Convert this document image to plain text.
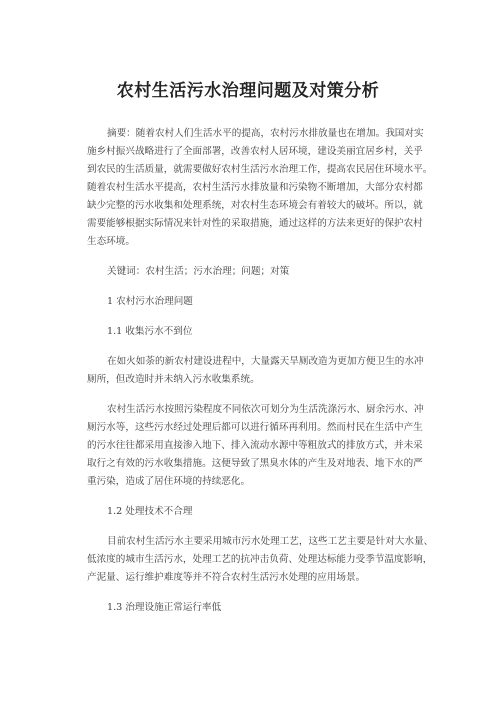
农村生活污水治理问题及对策分析
摘要：随着农村人们生活水平的提高，农村污水排放量也在增加。我国对实
施乡村振兴战略进行了全面部署，改善农村人居环境，建设美丽宜居乡村，关乎
到农民的生活质量，就需要做好农村生活污水治理工作，提高农民居住环境水平。
随着农村生活水平提高，农村生活污水排放量和污染物不断增加，大部分农村都
缺少完整的污水收集和处理系统，对农村生态环境会有着较大的破坏。所以，就
需要能够根据实际情况来针对性的采取措施，通过这样的方法来更好的保护农村
生态环境。
关键词：农村生活；污水治理；问题；对策
1 农村污水治理问题
1.1 收集污水不到位
在如火如荼的新农村建设进程中，大量露天旱厕改造为更加方便卫生的水冲
厕所，但改造时并未纳入污水收集系统。
农村生活污水按照污染程度不同依次可划分为生活洗涤污水、厨余污水、冲
厕污水等，这些污水经过处理后都可以进行循环再利用。然而村民在生活中产生
的污水往往都采用直接渗入地下、排入流动水源中等粗放式的排放方式，并未采
取行之有效的污水收集措施。这便导致了黑臭水体的产生及对地表、地下水的严
重污染，造成了居住环境的持续恶化。
1.2 处理技术不合理
目前农村生活污水主要采用城市污水处理工艺，这些工艺主要是针对大水量、
低浓度的城市生活污水，处理工艺的抗冲击负荷、处理达标能力受季节温度影响，
产泥量、运行维护难度等并不符合农村生活污水处理的应用场景。
1.3 治理设施正常运行率低
